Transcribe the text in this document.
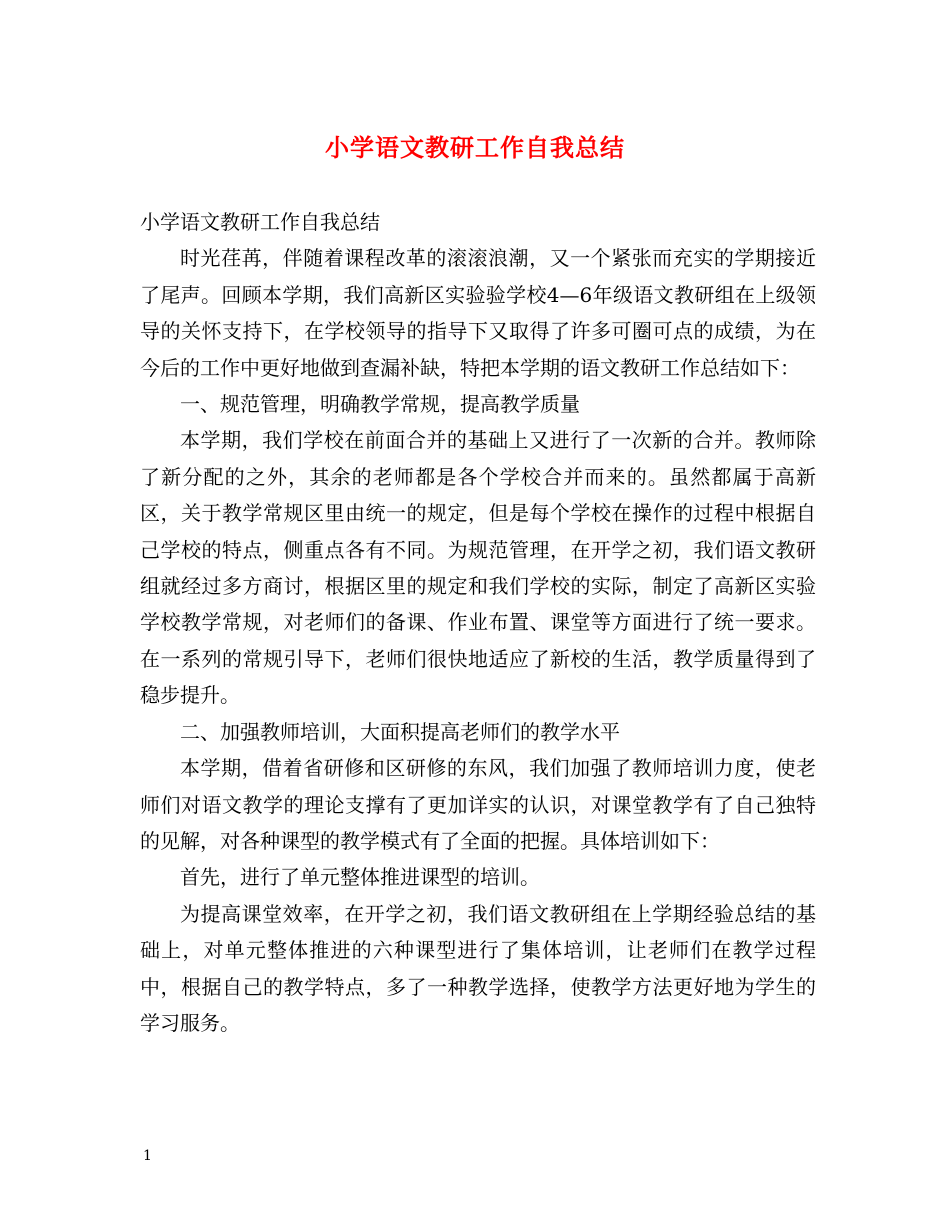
小学语文教研工作自我总结

小学语文教研工作自我总结

时光荏苒，伴随着课程改革的滚滚浪潮，又一个紧张而充实的学期接近了尾声。回顾本学期，我们高新区实验验学校4—6年级语文教研组在上级领导的关怀支持下，在学校领导的指导下又取得了许多可圈可点的成绩，为在今后的工作中更好地做到查漏补缺，特把本学期的语文教研工作总结如下：

一、规范管理，明确教学常规，提高教学质量

本学期，我们学校在前面合并的基础上又进行了一次新的合并。教师除了新分配的之外，其余的老师都是各个学校合并而来的。虽然都属于高新区，关于教学常规区里由统一的规定，但是每个学校在操作的过程中根据自己学校的特点，侧重点各有不同。为规范管理，在开学之初，我们语文教研组就经过多方商讨，根据区里的规定和我们学校的实际，制定了高新区实验学校教学常规，对老师们的备课、作业布置、课堂等方面进行了统一要求。在一系列的常规引导下，老师们很快地适应了新校的生活，教学质量得到了稳步提升。

二、加强教师培训，大面积提高老师们的教学水平

本学期，借着省研修和区研修的东风，我们加强了教师培训力度，使老师们对语文教学的理论支撑有了更加详实的认识，对课堂教学有了自己独特的见解，对各种课型的教学模式有了全面的把握。具体培训如下：

首先，进行了单元整体推进课型的培训。

为提高课堂效率，在开学之初，我们语文教研组在上学期经验总结的基础上，对单元整体推进的六种课型进行了集体培训，让老师们在教学过程中，根据自己的教学特点，多了一种教学选择，使教学方法更好地为学生的学习服务。

1
